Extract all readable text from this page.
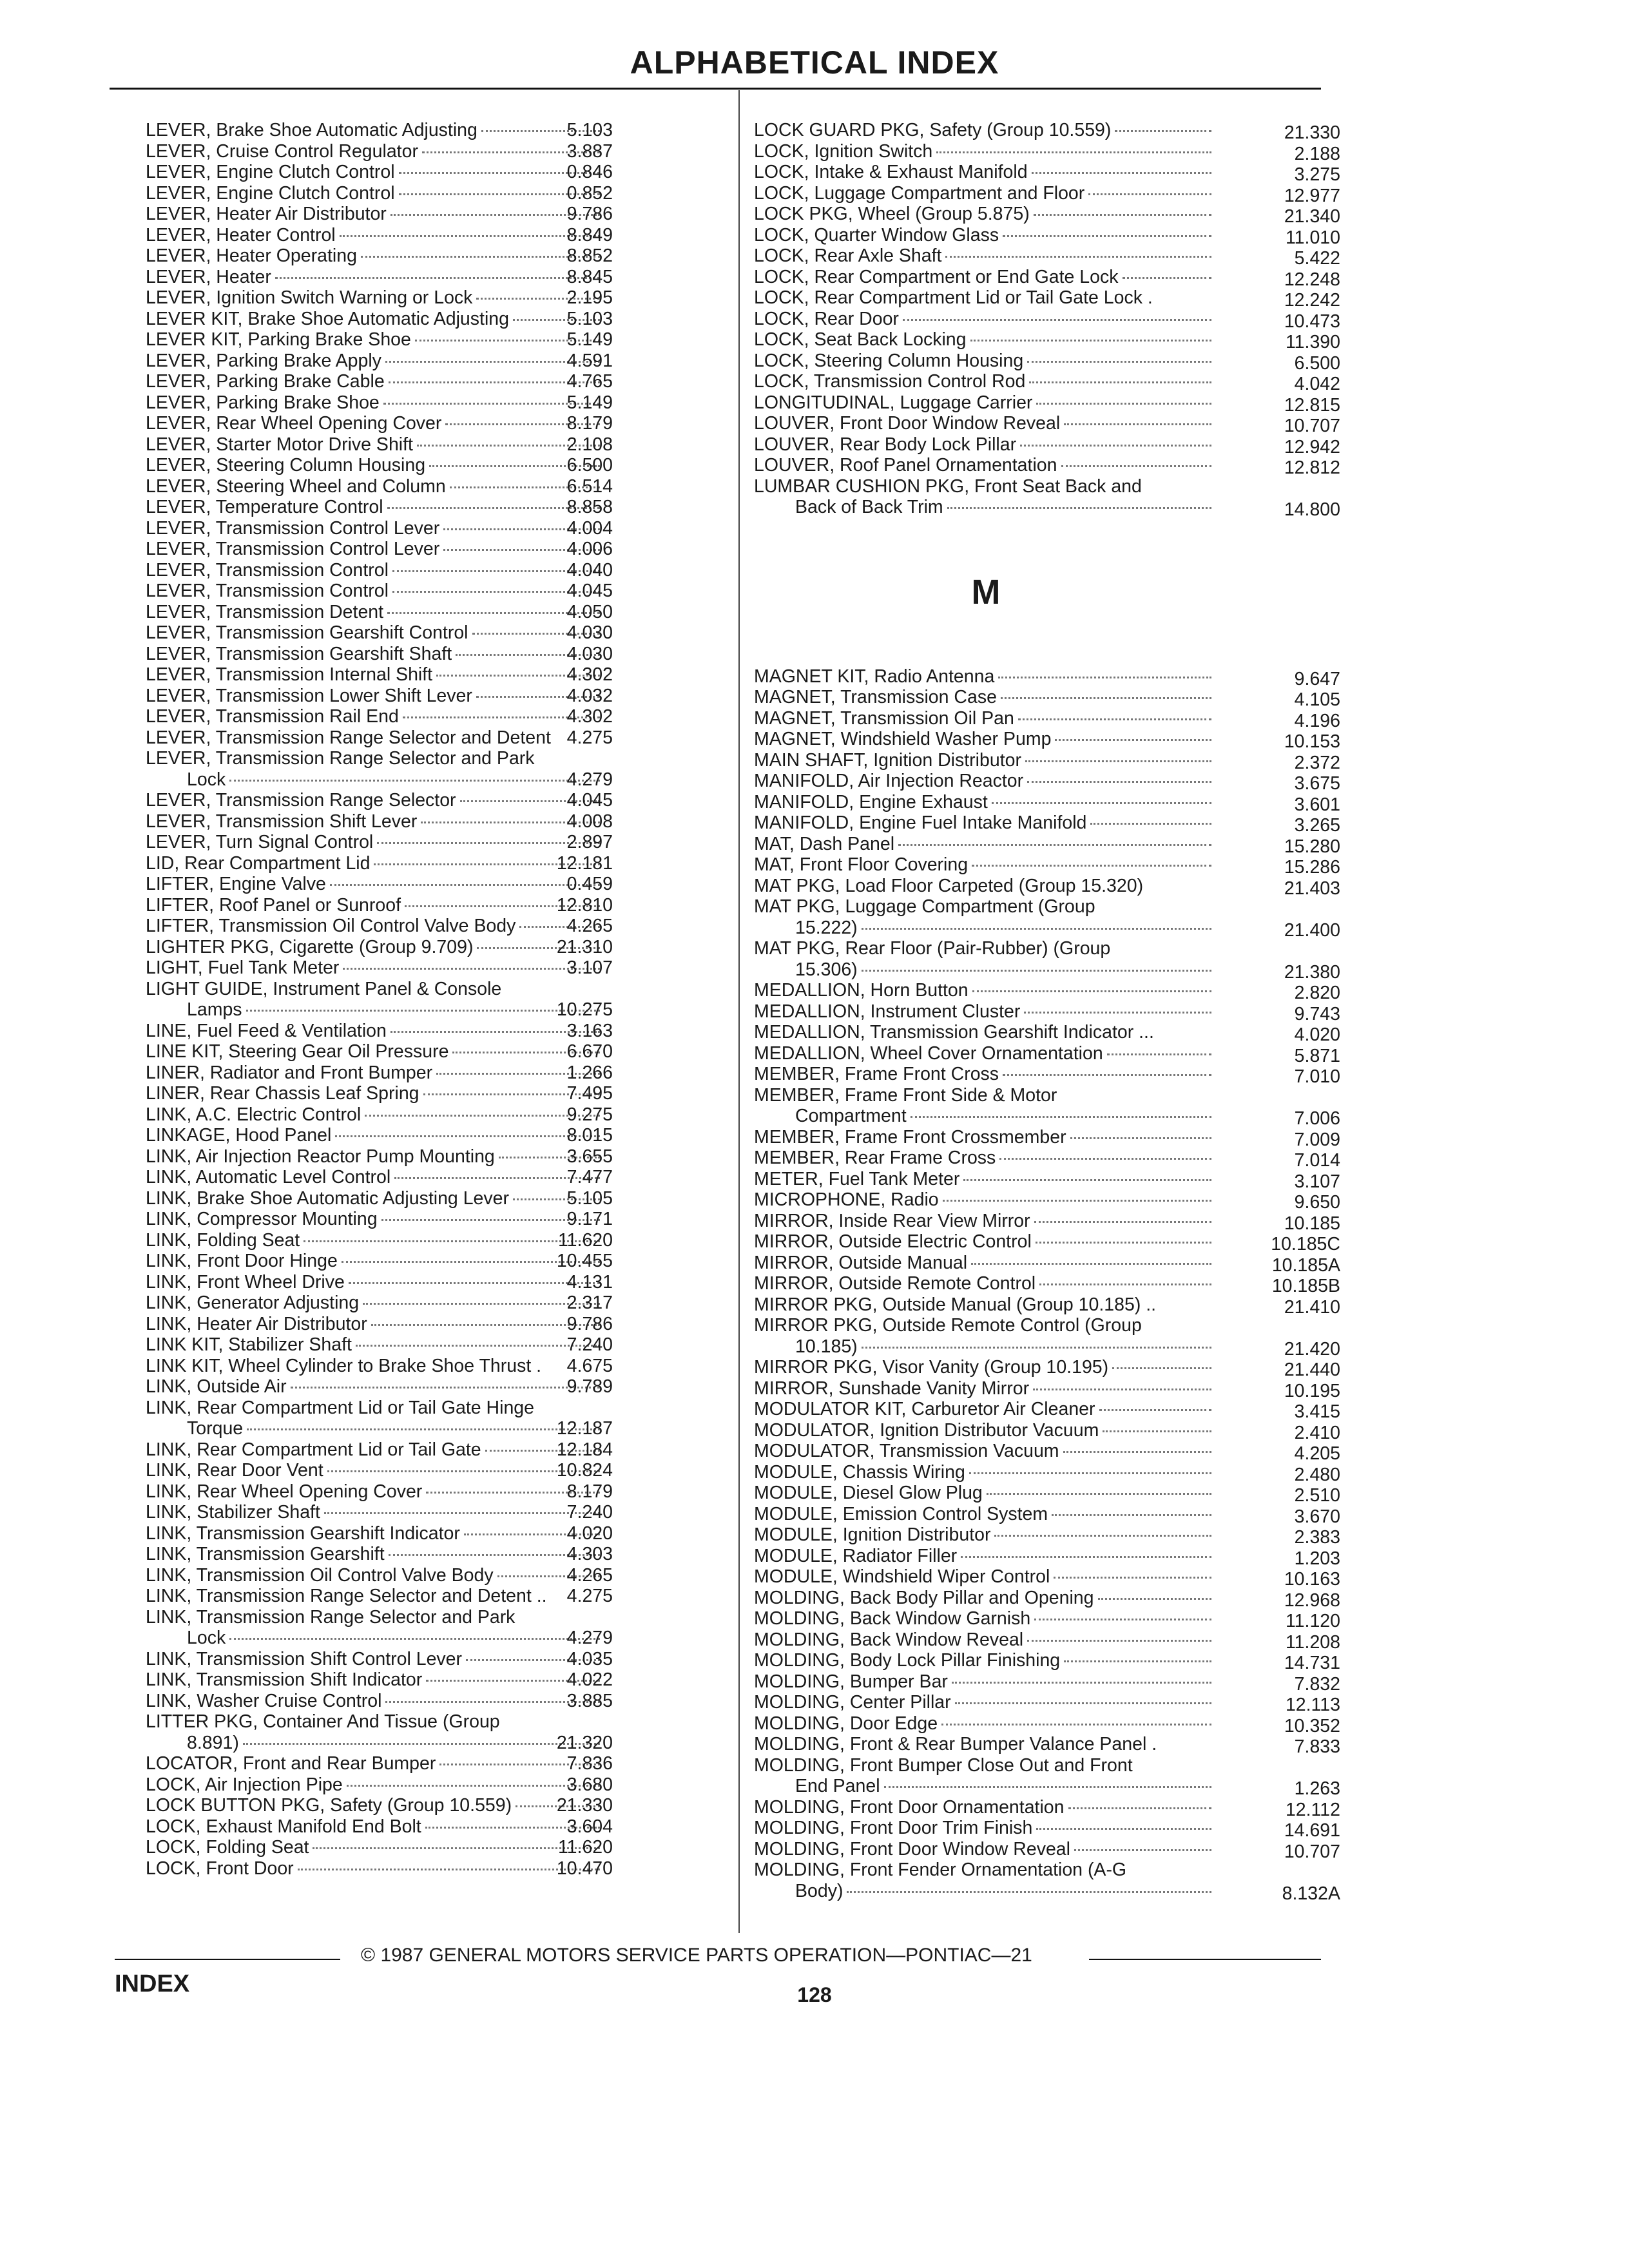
ALPHABETICAL INDEX
LEVER, Brake Shoe Automatic Adjusting	5.103
LEVER, Cruise Control Regulator	3.887
LEVER, Engine Clutch Control	0.846
LEVER, Engine Clutch Control	0.852
LEVER, Heater Air Distributor	9.786
LEVER, Heater Control	8.849
LEVER, Heater Operating	8.852
LEVER, Heater	8.845
LEVER, Ignition Switch Warning or Lock	2.195
LEVER KIT, Brake Shoe Automatic Adjusting	5.103
LEVER KIT, Parking Brake Shoe	5.149
LEVER, Parking Brake Apply	4.591
LEVER, Parking Brake Cable	4.765
LEVER, Parking Brake Shoe	5.149
LEVER, Rear Wheel Opening Cover	8.179
LEVER, Starter Motor Drive Shift	2.108
LEVER, Steering Column Housing	6.500
LEVER, Steering Wheel and Column	6.514
LEVER, Temperature Control	8.858
LEVER, Transmission Control Lever	4.004
LEVER, Transmission Control Lever	4.006
LEVER, Transmission Control	4.040
LEVER, Transmission Control	4.045
LEVER, Transmission Detent	4.050
LEVER, Transmission Gearshift Control	4.030
LEVER, Transmission Gearshift Shaft	4.030
LEVER, Transmission Internal Shift	4.302
LEVER, Transmission Lower Shift Lever	4.032
LEVER, Transmission Rail End	4.302
LEVER, Transmission Range Selector and Detent 4.275
LEVER, Transmission Range Selector and Park
Lock	4.279
LEVER, Transmission Range Selector	4.045
LEVER, Transmission Shift Lever	4.008
LEVER, Turn Signal Control	2.897
LID, Rear Compartment Lid	12.181
LIFTER, Engine Valve	0.459
LIFTER, Roof Panel or Sunroof	12.810
LIFTER, Transmission Oil Control Valve Body	4.265
LIGHTER PKG, Cigarette (Group 9.709)	21.310
LIGHT, Fuel Tank Meter	3.107
LIGHT GUIDE, Instrument Panel & Console
Lamps	10.275
LINE, Fuel Feed & Ventilation	3.163
LINE KIT, Steering Gear Oil Pressure	6.670
LINER, Radiator and Front Bumper	1.266
LINER, Rear Chassis Leaf Spring	7.495
LINK, A.C. Electric Control	9.275
LINKAGE, Hood Panel	8.015
LINK, Air Injection Reactor Pump Mounting	3.655
LINK, Automatic Level Control	7.477
LINK, Brake Shoe Automatic Adjusting Lever	5.105
LINK, Compressor Mounting	9.171
LINK, Folding Seat	11.620
LINK, Front Door Hinge	10.455
LINK, Front Wheel Drive	4.131
LINK, Generator Adjusting	2.317
LINK, Heater Air Distributor	9.786
LINK KIT, Stabilizer Shaft	7.240
LINK KIT, Wheel Cylinder to Brake Shoe Thrust .	4.675
LINK, Outside Air	9.789
LINK, Rear Compartment Lid or Tail Gate Hinge
Torque	12.187
LINK, Rear Compartment Lid or Tail Gate	12.184
LINK, Rear Door Vent	10.824
LINK, Rear Wheel Opening Cover	8.179
LINK, Stabilizer Shaft	7.240
LINK, Transmission Gearshift Indicator	4.020
LINK, Transmission Gearshift	4.303
LINK, Transmission Oil Control Valve Body	4.265
LINK, Transmission Range Selector and Detent ..	4.275
LINK, Transmission Range Selector and Park
Lock	4.279
LINK, Transmission Shift Control Lever	4.035
LINK, Transmission Shift Indicator	4.022
LINK, Washer Cruise Control	3.885
LITTER PKG, Container And Tissue (Group
8.891)	21.320
LOCATOR, Front and Rear Bumper	7.836
LOCK, Air Injection Pipe	3.680
LOCK BUTTON PKG, Safety (Group 10.559)	21.330
LOCK, Exhaust Manifold End Bolt	3.604
LOCK, Folding Seat	11.620
LOCK, Front Door	10.470
LOCK GUARD PKG, Safety (Group 10.559)	21.330
LOCK, Ignition Switch	2.188
LOCK, Intake & Exhaust Manifold	3.275
LOCK, Luggage Compartment and Floor	12.977
LOCK PKG, Wheel (Group 5.875)	21.340
LOCK, Quarter Window Glass	11.010
LOCK, Rear Axle Shaft	5.422
LOCK, Rear Compartment or End Gate Lock	12.248
LOCK, Rear Compartment Lid or Tail Gate Lock .	12.242
LOCK, Rear Door	10.473
LOCK, Seat Back Locking	11.390
LOCK, Steering Column Housing	6.500
LOCK, Transmission Control Rod	4.042
LONGITUDINAL, Luggage Carrier	12.815
LOUVER, Front Door Window Reveal	10.707
LOUVER, Rear Body Lock Pillar	12.942
LOUVER, Roof Panel Ornamentation	12.812
LUMBAR CUSHION PKG, Front Seat Back and
Back of Back Trim	14.800
M
MAGNET KIT, Radio Antenna	9.647
MAGNET, Transmission Case	4.105
MAGNET, Transmission Oil Pan	4.196
MAGNET, Windshield Washer Pump	10.153
MAIN SHAFT, Ignition Distributor	2.372
MANIFOLD, Air Injection Reactor	3.675
MANIFOLD, Engine Exhaust	3.601
MANIFOLD, Engine Fuel Intake Manifold	3.265
MAT, Dash Panel	15.280
MAT, Front Floor Covering	15.286
MAT PKG, Load Floor Carpeted (Group 15.320)	21.403
MAT PKG, Luggage Compartment (Group
15.222)	21.400
MAT PKG, Rear Floor (Pair-Rubber) (Group
15.306)	21.380
MEDALLION, Horn Button	2.820
MEDALLION, Instrument Cluster	9.743
MEDALLION, Transmission Gearshift Indicator ...	4.020
MEDALLION, Wheel Cover Ornamentation	5.871
MEMBER, Frame Front Cross	7.010
MEMBER, Frame Front Side & Motor
Compartment	7.006
MEMBER, Frame Front Crossmember	7.009
MEMBER, Rear Frame Cross	7.014
METER, Fuel Tank Meter	3.107
MICROPHONE, Radio	9.650
MIRROR, Inside Rear View Mirror	10.185
MIRROR, Outside Electric Control	10.185C
MIRROR, Outside Manual	10.185A
MIRROR, Outside Remote Control	10.185B
MIRROR PKG, Outside Manual (Group 10.185) ..	21.410
MIRROR PKG, Outside Remote Control (Group
10.185)	21.420
MIRROR PKG, Visor Vanity (Group 10.195)	21.440
MIRROR, Sunshade Vanity Mirror	10.195
MODULATOR KIT, Carburetor Air Cleaner	3.415
MODULATOR, Ignition Distributor Vacuum	2.410
MODULATOR, Transmission Vacuum	4.205
MODULE, Chassis Wiring	2.480
MODULE, Diesel Glow Plug	2.510
MODULE, Emission Control System	3.670
MODULE, Ignition Distributor	2.383
MODULE, Radiator Filler	1.203
MODULE, Windshield Wiper Control	10.163
MOLDING, Back Body Pillar and Opening	12.968
MOLDING, Back Window Garnish	11.120
MOLDING, Back Window Reveal	11.208
MOLDING, Body Lock Pillar Finishing	14.731
MOLDING, Bumper Bar	7.832
MOLDING, Center Pillar	12.113
MOLDING, Door Edge	10.352
MOLDING, Front & Rear Bumper Valance Panel .	7.833
MOLDING, Front Bumper Close Out and Front
End Panel	1.263
MOLDING, Front Door Ornamentation	12.112
MOLDING, Front Door Trim Finish	14.691
MOLDING, Front Door Window Reveal	10.707
MOLDING, Front Fender Ornamentation (A-G
Body)	8.132A
© 1987 GENERAL MOTORS SERVICE PARTS OPERATION—PONTIAC—21
INDEX	128
